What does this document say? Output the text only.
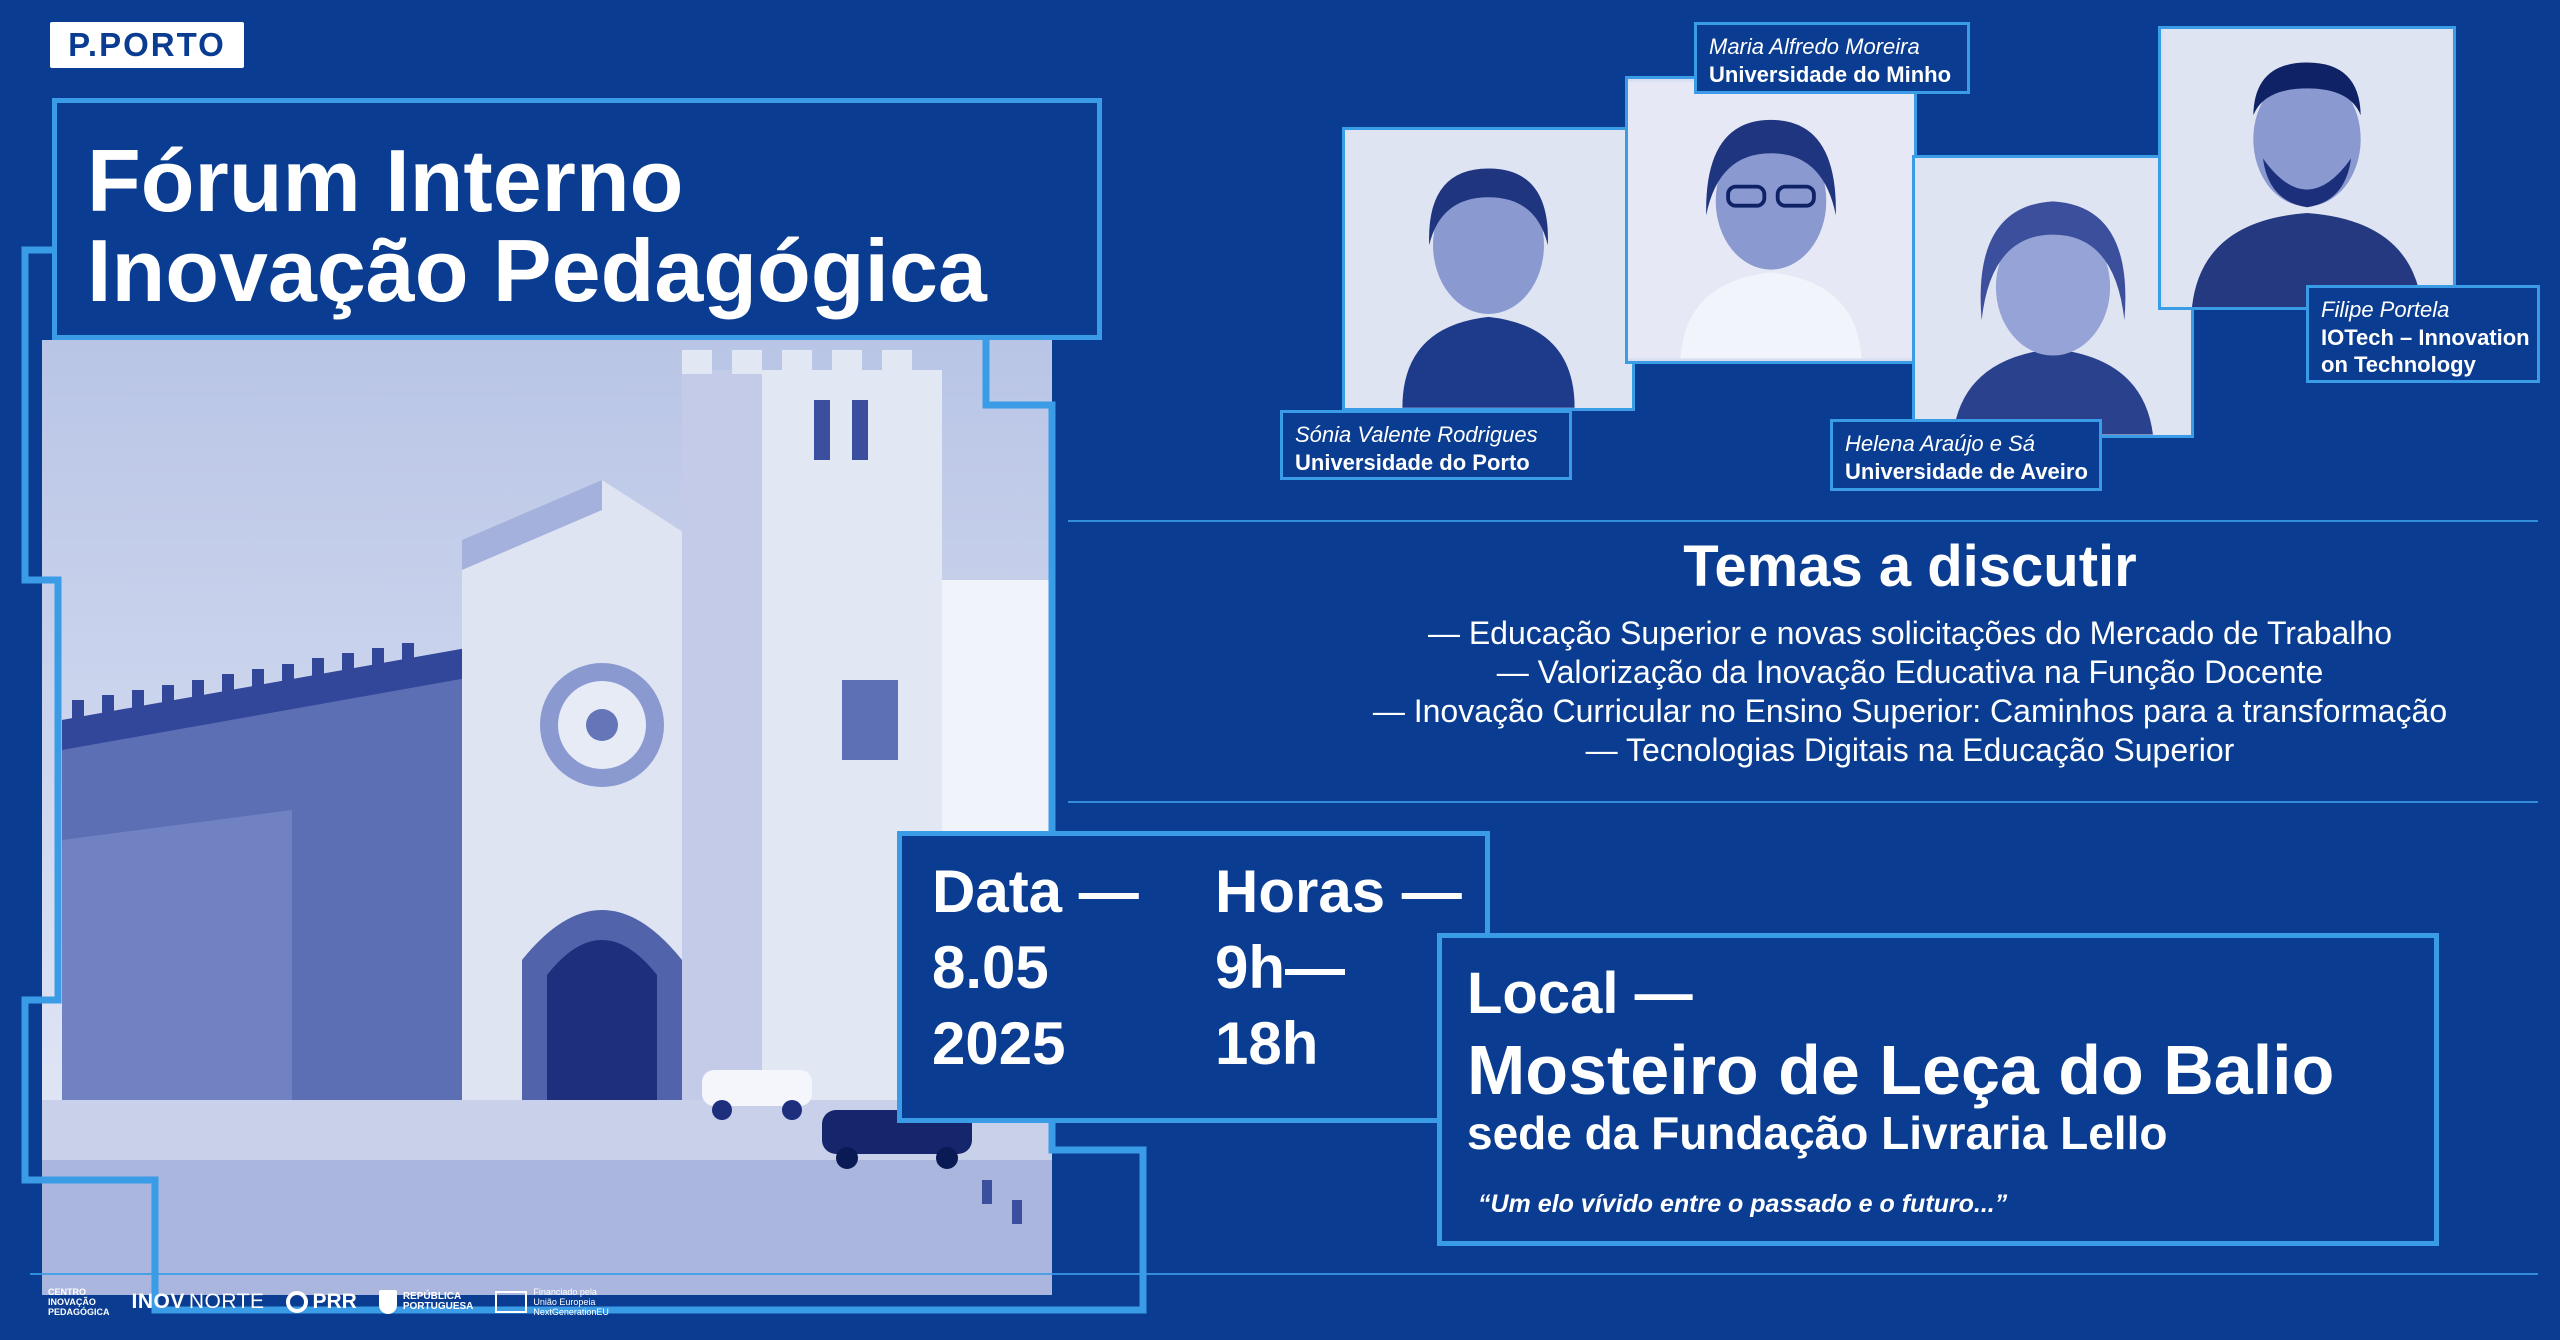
P.PORTO
Fórum Interno
Inovação Pedagógica
Sónia Valente Rodrigues
Universidade do Porto
Maria Alfredo Moreira
Universidade do Minho
Helena Araújo e Sá
Universidade de Aveiro
Filipe Portela
IOTech – Innovation
on Technology
Temas a discutir
— Educação Superior e novas solicitações do Mercado de Trabalho
— Valorização da Inovação Educativa na Função Docente
— Inovação Curricular no Ensino Superior: Caminhos para a transformação
— Tecnologias Digitais na Educação Superior
Data —
8.05
2025
Horas —
9h—
18h
Local —
Mosteiro de Leça do Balio
sede da Fundação Livraria Lello
“Um elo vívido entre o passado e o futuro...”
CENTRO
INOVAÇÃO
PEDAGÓGICA INOV NORTE PRR	REPÚBLICA
PORTUGUESA
Financiado pela
União Europeia
NextGenerationEU
